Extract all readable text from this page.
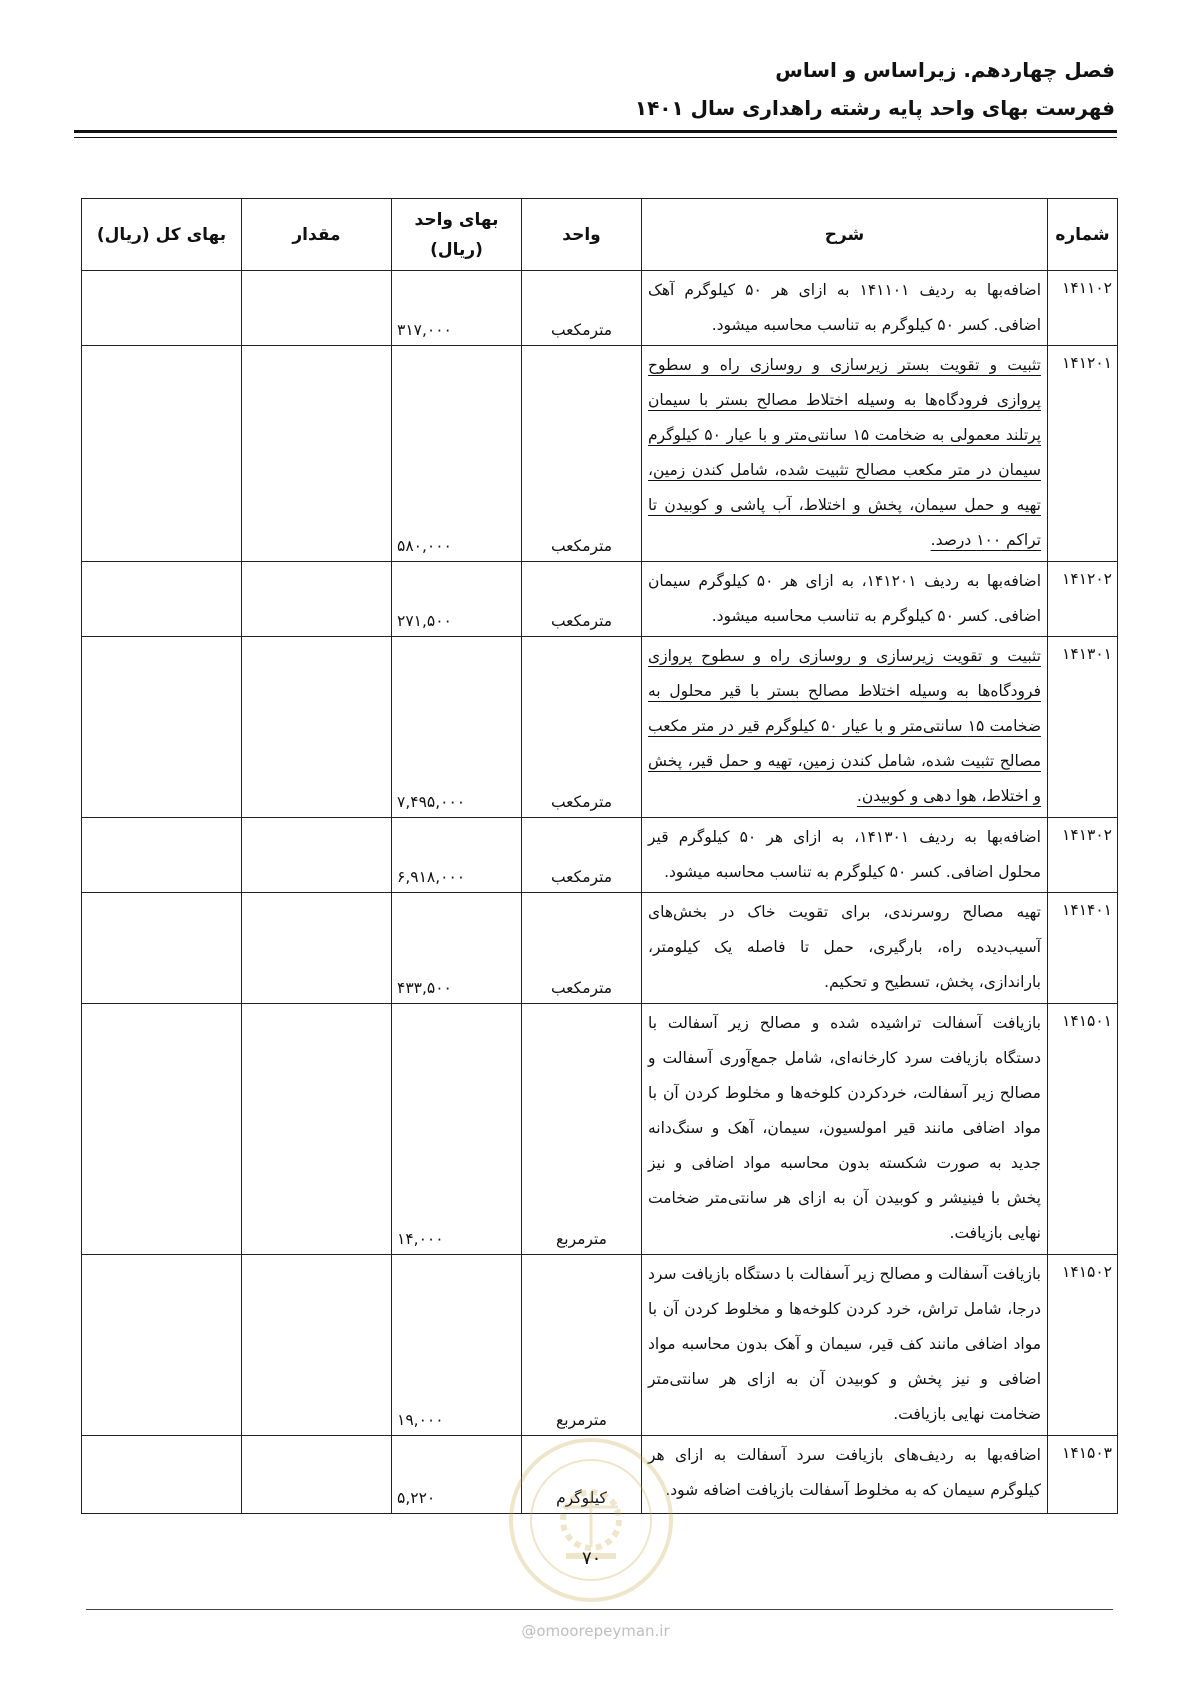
فصل چهاردهم. زیراساس و اساس
فهرست بهای واحد پایه رشته راهداری سال ۱۴۰۱
شماره	شرح	واحد	بهای واحد (ریال)	مقدار	بهای کل (ریال)
۱۴۱۱۰۲	اضافه‌بها به ردیف ۱۴۱۱۰۱ به ازای هر ۵۰ کیلوگرم آهک اضافی. کسر ۵۰ کیلوگرم به تناسب محاسبه میشود.	مترمکعب	۳۱۷,۰۰۰		
۱۴۱۲۰۱	تثبیت و تقویت بستر زیرسازی و روسازی راه و سطوح پروازی فرودگاه‌ها به وسیله اختلاط مصالح بستر با سیمان پرتلند معمولی به ضخامت ۱۵ سانتی‌متر و با عیار ۵۰ کیلوگرم سیمان در متر مکعب مصالح تثبیت شده، شامل کندن زمین، تهیه و حمل سیمان، پخش و اختلاط، آب پاشی و کوبیدن تا تراکم ۱۰۰ درصد.	مترمکعب	۵۸۰,۰۰۰		
۱۴۱۲۰۲	اضافه‌بها به ردیف ۱۴۱۲۰۱، به ازای هر ۵۰ کیلوگرم سیمان اضافی. کسر ۵۰ کیلوگرم به تناسب محاسبه میشود.	مترمکعب	۲۷۱,۵۰۰		
۱۴۱۳۰۱	تثبیت و تقویت زیرسازی و روسازی راه و سطوح پروازی فرودگاه‌ها به وسیله اختلاط مصالح بستر با قیر محلول به ضخامت ۱۵ سانتی‌متر و با عیار ۵۰ کیلوگرم قیر در متر مکعب مصالح تثبیت شده، شامل کندن زمین، تهیه و حمل قیر، پخش و اختلاط، هوا دهی و کوبیدن.	مترمکعب	۷,۴۹۵,۰۰۰		
۱۴۱۳۰۲	اضافه‌بها به ردیف ۱۴۱۳۰۱، به ازای هر ۵۰ کیلوگرم قیر محلول اضافی. کسر ۵۰ کیلوگرم به تناسب محاسبه میشود.	مترمکعب	۶,۹۱۸,۰۰۰		
۱۴۱۴۰۱	تهیه مصالح روسرندی، برای تقویت خاک در بخش‌های آسیب‌دیده راه، بارگیری، حمل تا فاصله یک کیلومتر، باراندازی، پخش، تسطیح و تحکیم.	مترمکعب	۴۳۳,۵۰۰		
۱۴۱۵۰۱	بازیافت آسفالت تراشیده شده و مصالح زیر آسفالت با دستگاه بازیافت سرد کارخانه‌ای، شامل جمع‌آوری آسفالت و مصالح زیر آسفالت، خردکردن کلوخه‌ها و مخلوط کردن آن با مواد اضافی مانند قیر امولسیون، سیمان، آهک و سنگ‌دانه جدید به صورت شکسته بدون محاسبه مواد اضافی و نیز پخش با فینیشر و کوبیدن آن به ازای هر سانتی‌متر ضخامت نهایی بازیافت.	مترمربع	۱۴,۰۰۰		
۱۴۱۵۰۲	بازیافت آسفالت و مصالح زیر آسفالت با دستگاه بازیافت سرد درجا، شامل تراش، خرد کردن کلوخه‌ها و مخلوط کردن آن با مواد اضافی مانند کف قیر، سیمان و آهک بدون محاسبه مواد اضافی و نیز پخش و کوبیدن آن به ازای هر سانتی‌متر ضخامت نهایی بازیافت.	مترمربع	۱۹,۰۰۰		
۱۴۱۵۰۳	اضافه‌بها به ردیف‌های بازیافت سرد آسفالت به ازای هر کیلوگرم سیمان که به مخلوط آسفالت بازیافت اضافه شود.	کیلوگرم	۵,۲۲۰		
۷۰
@omoorepeyman.ir
